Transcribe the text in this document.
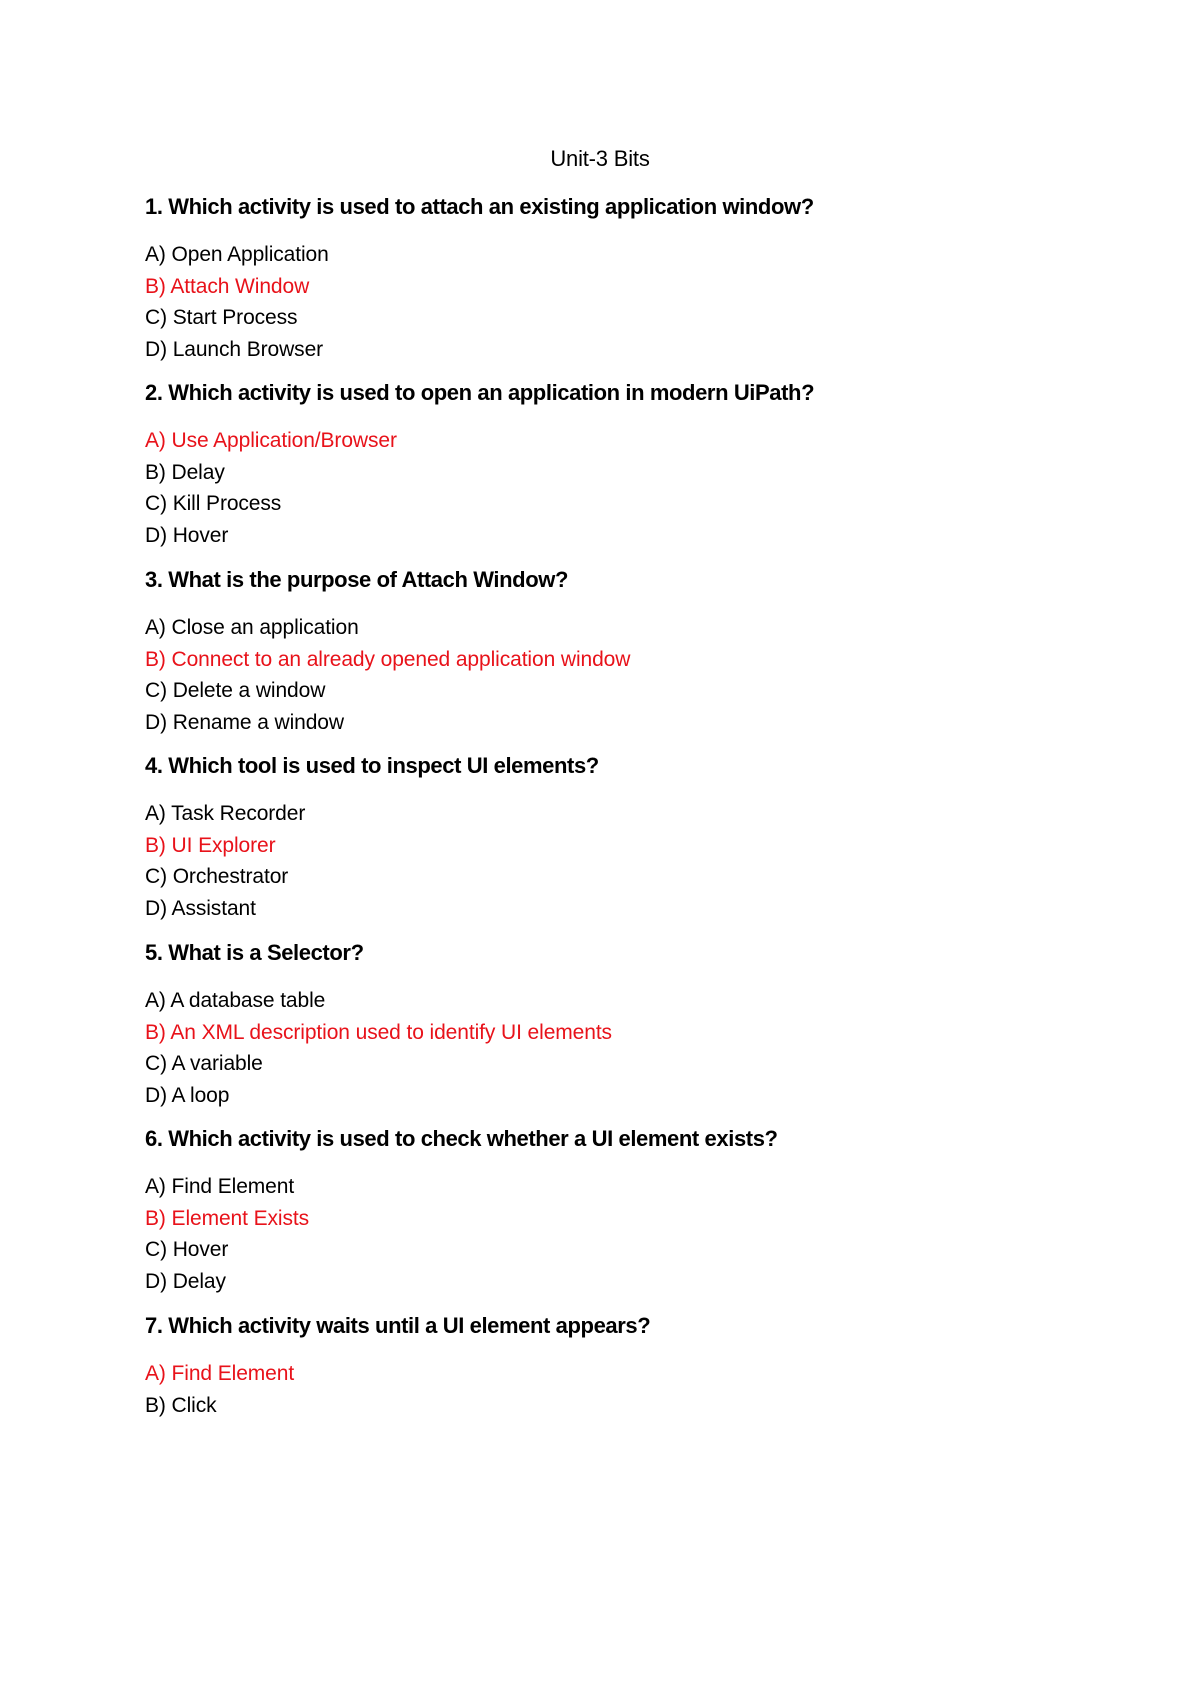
Unit-3 Bits
1. Which activity is used to attach an existing application window?
A) Open Application
B) Attach Window
C) Start Process
D) Launch Browser
2. Which activity is used to open an application in modern UiPath?
A) Use Application/Browser
B) Delay
C) Kill Process
D) Hover
3. What is the purpose of Attach Window?
A) Close an application
B) Connect to an already opened application window
C) Delete a window
D) Rename a window
4. Which tool is used to inspect UI elements?
A) Task Recorder
B) UI Explorer
C) Orchestrator
D) Assistant
5. What is a Selector?
A) A database table
B) An XML description used to identify UI elements
C) A variable
D) A loop
6. Which activity is used to check whether a UI element exists?
A) Find Element
B) Element Exists
C) Hover
D) Delay
7. Which activity waits until a UI element appears?
A) Find Element
B) Click
